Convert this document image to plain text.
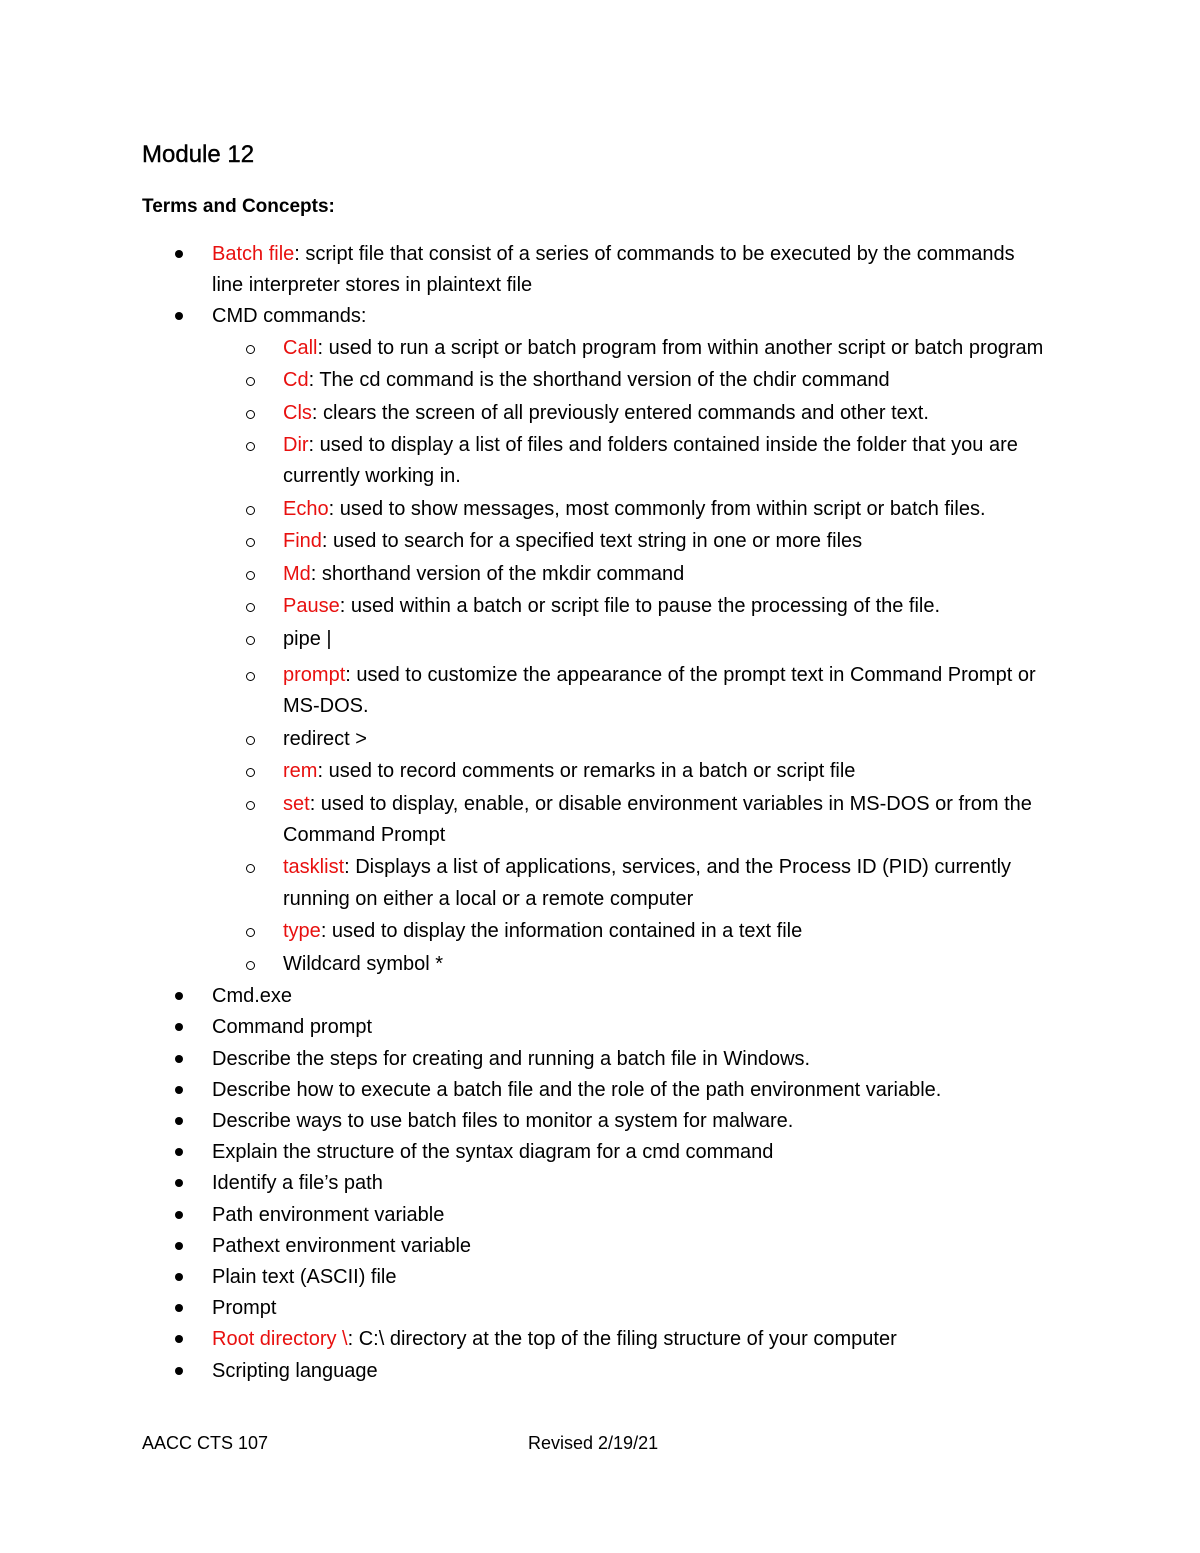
Module 12
Terms and Concepts:
Batch file: script file that consist of a series of commands to be executed by the commands line interpreter stores in plaintext file
CMD commands:
Call: used to run a script or batch program from within another script or batch program
Cd: The cd command is the shorthand version of the chdir command
Cls: clears the screen of all previously entered commands and other text.
Dir: used to display a list of files and folders contained inside the folder that you are currently working in.
Echo: used to show messages, most commonly from within script or batch files.
Find: used to search for a specified text string in one or more files
Md: shorthand version of the mkdir command
Pause: used within a batch or script file to pause the processing of the file.
pipe |
prompt: used to customize the appearance of the prompt text in Command Prompt or MS-DOS.
redirect >
rem: used to record comments or remarks in a batch or script file
set: used to display, enable, or disable environment variables in MS-DOS or from the Command Prompt
tasklist: Displays a list of applications, services, and the Process ID (PID) currently running on either a local or a remote computer
type: used to display the information contained in a text file
Wildcard symbol *
Cmd.exe
Command prompt
Describe the steps for creating and running a batch file in Windows.
Describe how to execute a batch file and the role of the path environment variable.
Describe ways to use batch files to monitor a system for malware.
Explain the structure of the syntax diagram for a cmd command
Identify a file’s path
Path environment variable
Pathext environment variable
Plain text (ASCII) file
Prompt
Root directory \: C:\ directory at the top of the filing structure of your computer
Scripting language
AACC CTS 107	Revised 2/19/21
